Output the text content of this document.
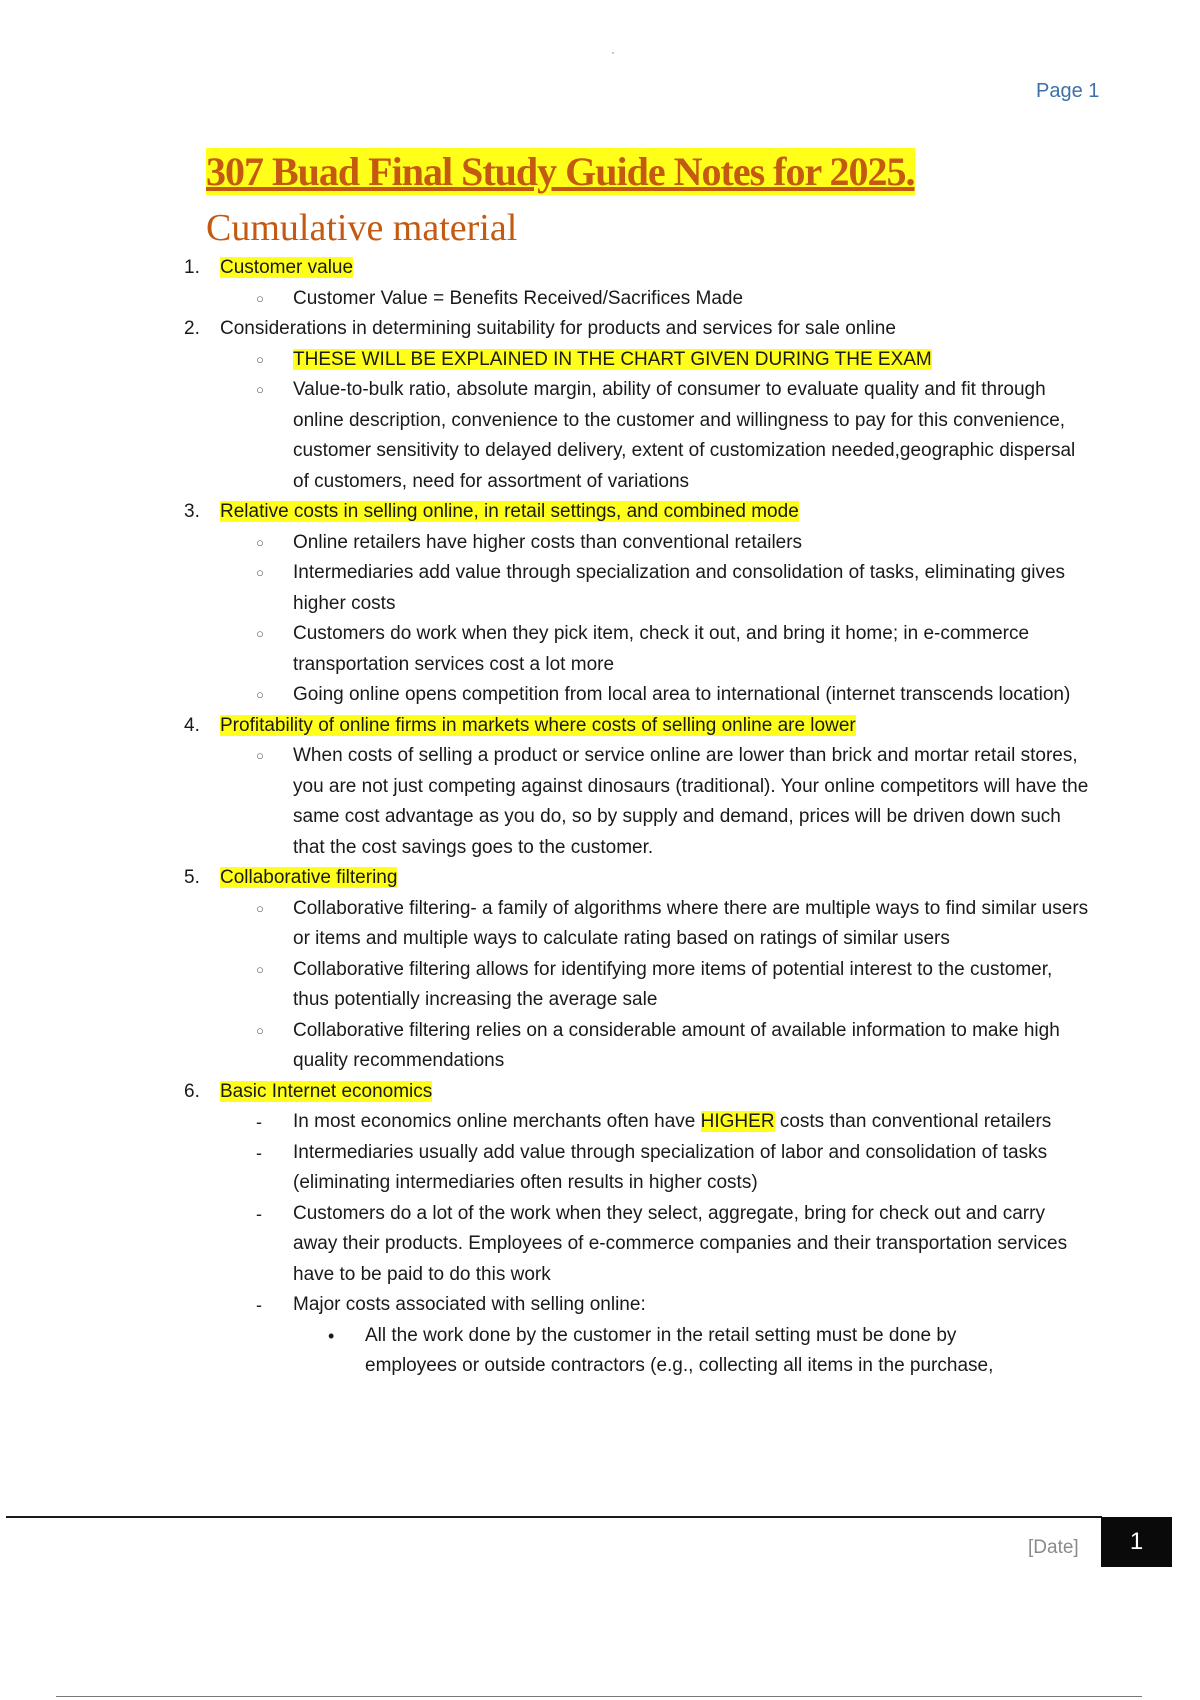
Page 1
307 Buad Final Study Guide Notes for 2025.
Cumulative material
1. Customer value
○ Customer Value = Benefits Received/Sacrifices Made
2. Considerations in determining suitability for products and services for sale online
○ THESE WILL BE EXPLAINED IN THE CHART GIVEN DURING THE EXAM
○ Value-to-bulk ratio, absolute margin, ability of consumer to evaluate quality and fit through online description, convenience to the customer and willingness to pay for this convenience, customer sensitivity to delayed delivery, extent of customization needed,geographic dispersal of customers, need for assortment of variations
3. Relative costs in selling online, in retail settings, and combined mode
○ Online retailers have higher costs than conventional retailers
○ Intermediaries add value through specialization and consolidation of tasks, eliminating gives higher costs
○ Customers do work when they pick item, check it out, and bring it home; in e-commerce transportation services cost a lot more
○ Going online opens competition from local area to international (internet transcends location)
4. Profitability of online firms in markets where costs of selling online are lower
○ When costs of selling a product or service online are lower than brick and mortar retail stores, you are not just competing against dinosaurs (traditional). Your online competitors will have the same cost advantage as you do, so by supply and demand, prices will be driven down such that the cost savings goes to the customer.
5. Collaborative filtering
○ Collaborative filtering- a family of algorithms where there are multiple ways to find similar users or items and multiple ways to calculate rating based on ratings of similar users
○ Collaborative filtering allows for identifying more items of potential interest to the customer, thus potentially increasing the average sale
○ Collaborative filtering relies on a considerable amount of available information to make high quality recommendations
6. Basic Internet economics
- In most economics online merchants often have HIGHER costs than conventional retailers
- Intermediaries usually add value through specialization of labor and consolidation of tasks (eliminating intermediaries often results in higher costs)
- Customers do a lot of the work when they select, aggregate, bring for check out and carry away their products. Employees of e-commerce companies and their transportation services have to be paid to do this work
- Major costs associated with selling online:
• All the work done by the customer in the retail setting must be done by employees or outside contractors (e.g., collecting all items in the purchase,
[Date] 1
